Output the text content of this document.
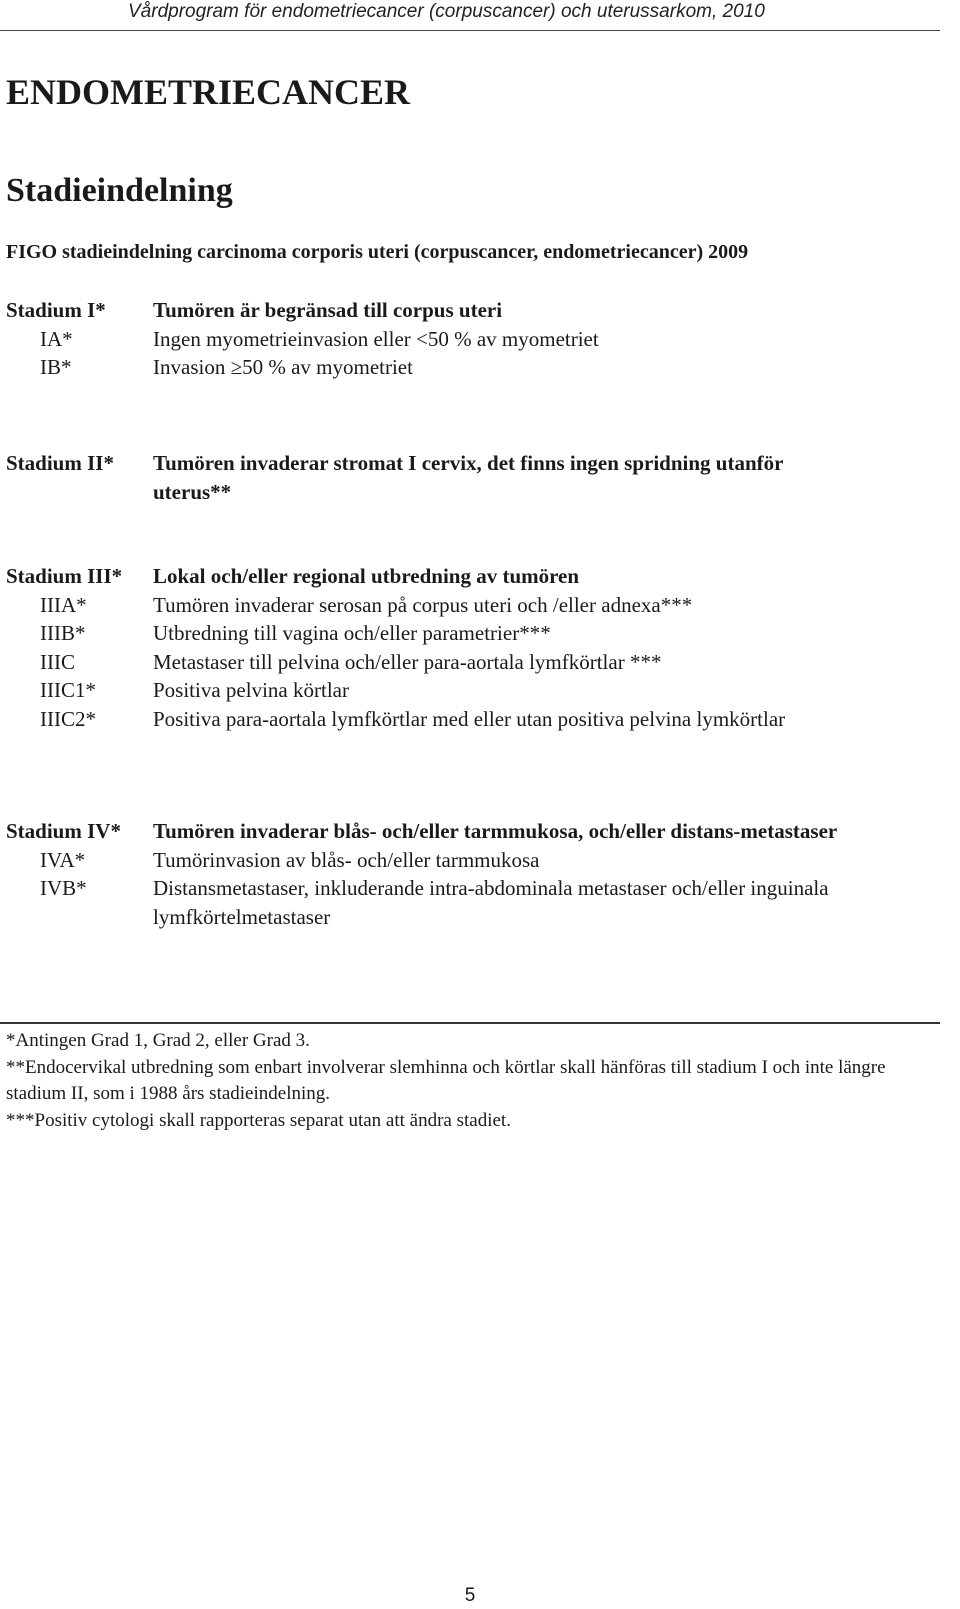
Vårdprogram för endometriecancer (corpuscancer) och uterussarkom, 2010
ENDOMETRIECANCER
Stadieindelning
FIGO stadieindelning carcinoma corporis uteri (corpuscancer, endometriecancer) 2009
Stadium I* Tumören är begränsad till corpus uteri
IA*	Ingen myometrieinvasion eller <50 % av myometriet
IB*	Invasion ≥50 % av myometriet
Stadium II* Tumören invaderar stromat I cervix, det finns ingen spridning utanför uterus**
Stadium III* Lokal och/eller regional utbredning av tumören
IIIA*	Tumören invaderar serosan på corpus uteri och /eller adnexa***
IIIB*	Utbredning till vagina och/eller parametrier***
IIIC	Metastaser till pelvina och/eller para-aortala lymfkörtlar ***
IIIC1*	Positiva pelvina körtlar
IIIC2*	Positiva para-aortala lymfkörtlar med eller utan positiva pelvina lymkörtlar
Stadium IV* Tumören invaderar blås- och/eller tarmmukosa, och/eller distans-metastaser
IVA*	Tumörinvasion av blås- och/eller tarmmukosa
IVB*	Distansmetastaser, inkluderande intra-abdominala metastaser och/eller inguinala lymfkörtelmetastaser

*Antingen Grad 1, Grad 2, eller Grad 3.

**Endocervikal utbredning som enbart involverar slemhinna och körtlar skall hänföras till stadium I och inte längre stadium II, som i 1988 års stadieindelning.

***Positiv cytologi skall rapporteras separat utan att ändra stadiet.

5
